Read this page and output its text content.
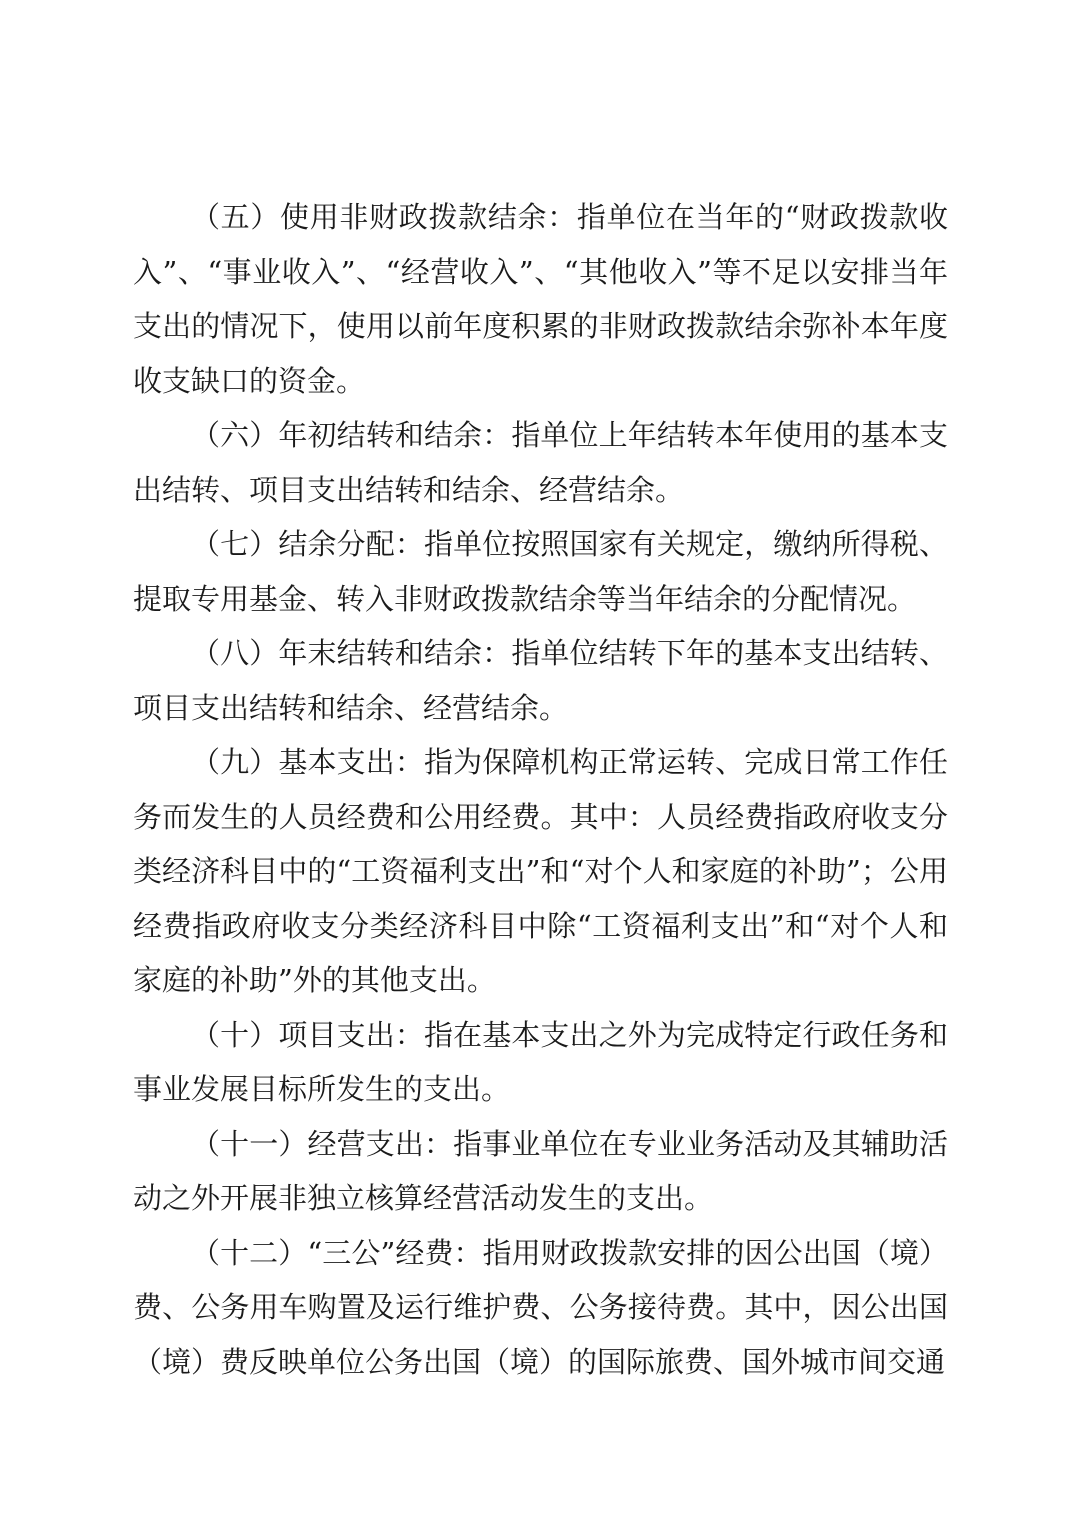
（五）使用非财政拨款结余：指单位在当年的“财政拨款收入”、“事业收入”、“经营收入”、“其他收入”等不足以安排当年支出的情况下，使用以前年度积累的非财政拨款结余弥补本年度收支缺口的资金。

（六）年初结转和结余：指单位上年结转本年使用的基本支出结转、项目支出结转和结余、经营结余。

（七）结余分配：指单位按照国家有关规定，缴纳所得税、提取专用基金、转入非财政拨款结余等当年结余的分配情况。

（八）年末结转和结余：指单位结转下年的基本支出结转、项目支出结转和结余、经营结余。

（九）基本支出：指为保障机构正常运转、完成日常工作任务而发生的人员经费和公用经费。其中：人员经费指政府收支分类经济科目中的“工资福利支出”和“对个人和家庭的补助”；公用经费指政府收支分类经济科目中除“工资福利支出”和“对个人和家庭的补助”外的其他支出。

（十）项目支出：指在基本支出之外为完成特定行政任务和事业发展目标所发生的支出。

（十一）经营支出：指事业单位在专业业务活动及其辅助活动之外开展非独立核算经营活动发生的支出。

（十二）“三公”经费：指用财政拨款安排的因公出国（境）费、公务用车购置及运行维护费、公务接待费。其中，因公出国（境）费反映单位公务出国（境）的国际旅费、国外城市间交通
